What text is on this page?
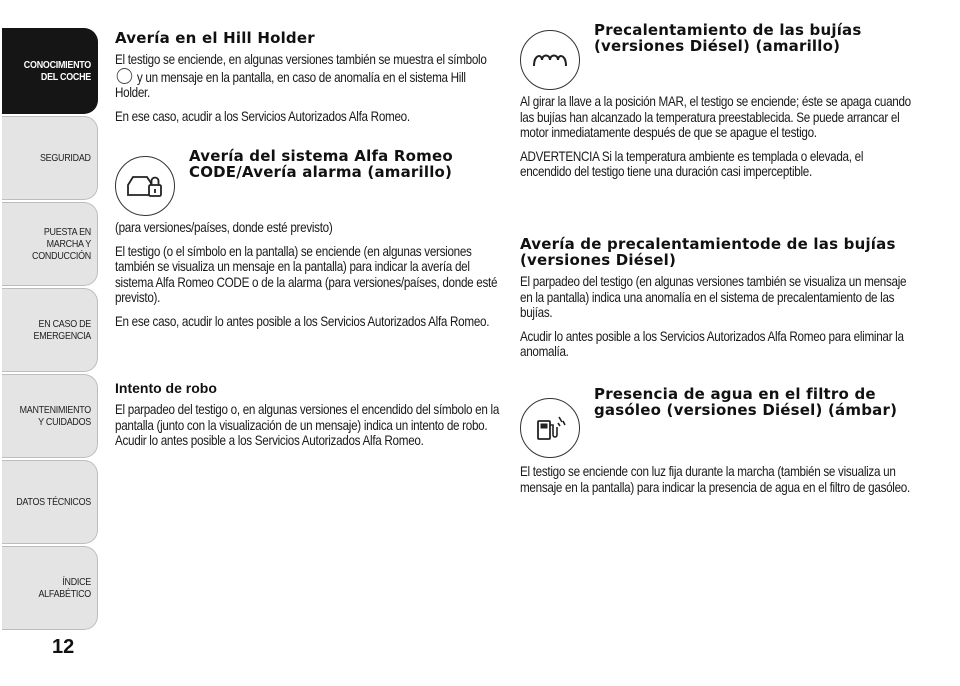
CONOCIMIENTO DEL COCHE
SEGURIDAD
PUESTA EN MARCHA Y CONDUCCIÓN
EN CASO DE EMERGENCIA
MANTENIMIENTO Y CUIDADOS
DATOS TÉCNICOS
ÍNDICE ALFABÉTICO
12
Avería en el Hill Holder

El testigo se enciende, en algunas versiones también se muestra el símbolo  y un mensaje en la pantalla, en caso de anomalía en el sistema Hill Holder.

En ese caso, acudir a los Servicios Autorizados Alfa Romeo.

Avería del sistema Alfa Romeo CODE/Avería alarma (amarillo)

(para versiones/países, donde esté previsto)

El testigo (o el símbolo en la pantalla) se enciende (en algunas versiones también se visualiza un mensaje en la pantalla) para indicar la avería del sistema Alfa Romeo CODE o de la alarma (para versiones/países, donde esté previsto).

En ese caso, acudir lo antes posible a los Servicios Autorizados Alfa Romeo.

Intento de robo

El parpadeo del testigo o, en algunas versiones el encendido del símbolo en la pantalla (junto con la visualización de un mensaje) indica un intento de robo. Acudir lo antes posible a los Servicios Autorizados Alfa Romeo.

Precalentamiento de las bujías (versiones Diésel) (amarillo)

Al girar la llave a la posición MAR, el testigo se enciende; éste se apaga cuando las bujías han alcanzado la temperatura preestablecida. Se puede arrancar el motor inmediatamente después de que se apague el testigo.

ADVERTENCIA Si la temperatura ambiente es templada o elevada, el encendido del testigo tiene una duración casi imperceptible.

Avería de precalentamientode de las bujías (versiones Diésel)

El parpadeo del testigo (en algunas versiones también se visualiza un mensaje en la pantalla) indica una anomalía en el sistema de precalentamiento de las bujías.

Acudir lo antes posible a los Servicios Autorizados Alfa Romeo para eliminar la anomalía.

Presencia de agua en el filtro de gasóleo (versiones Diésel) (ámbar)

El testigo se enciende con luz fija durante la marcha (también se visualiza un mensaje en la pantalla) para indicar la presencia de agua en el filtro de gasóleo.
